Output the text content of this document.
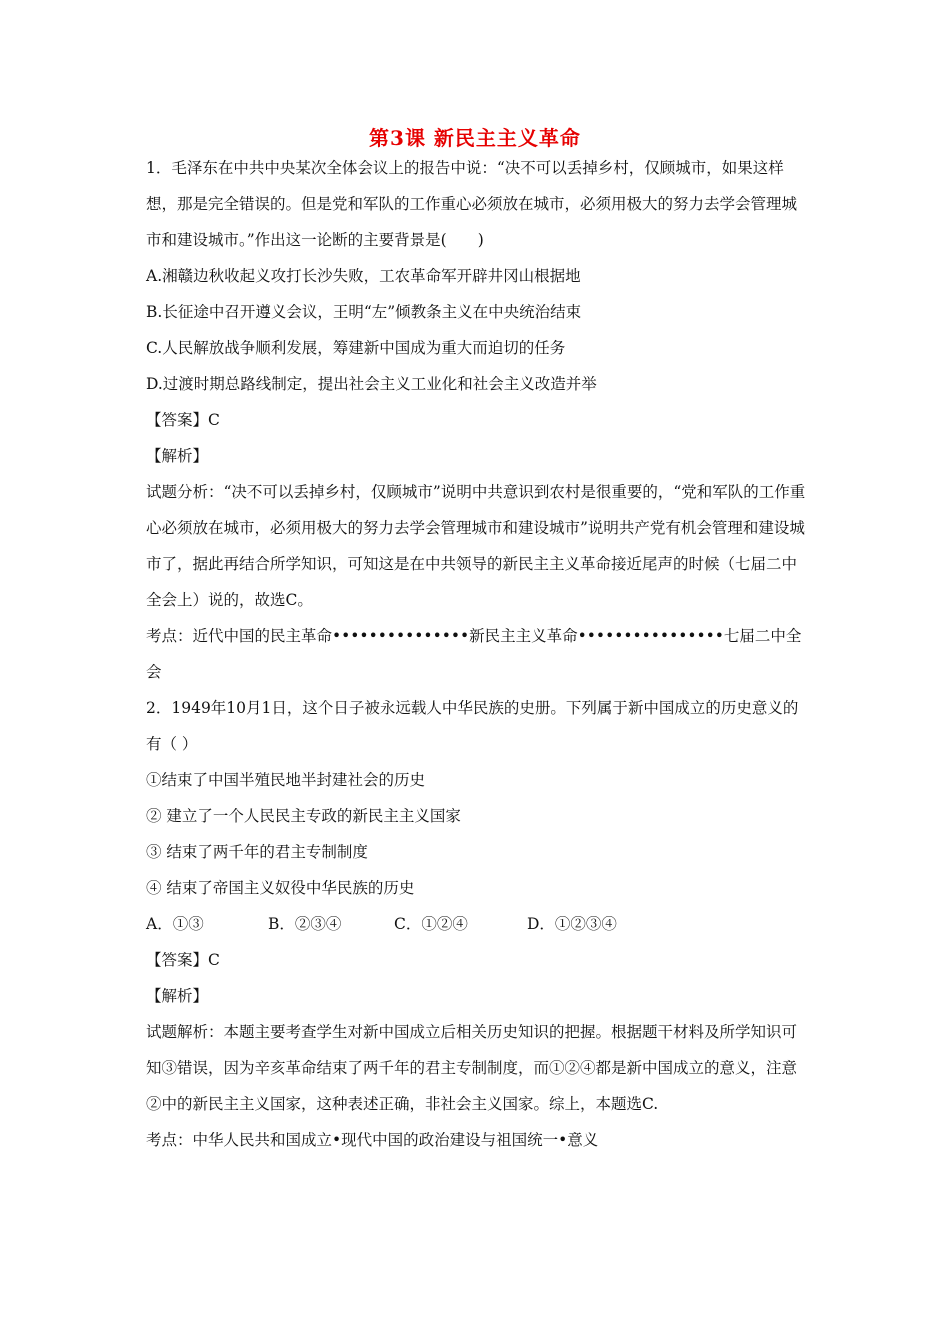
第3课 新民主主义革命

1．毛泽东在中共中央某次全体会议上的报告中说：“决不可以丢掉乡村，仅顾城市，如果这样想，那是完全错误的。但是党和军队的工作重心必须放在城市，必须用极大的努力去学会管理城市和建设城市。”作出这一论断的主要背景是(　　)

A.湘赣边秋收起义攻打长沙失败，工农革命军开辟井冈山根据地

B.长征途中召开遵义会议，王明“左”倾教条主义在中央统治结束

C.人民解放战争顺利发展，筹建新中国成为重大而迫切的任务

D.过渡时期总路线制定，提出社会主义工业化和社会主义改造并举

【答案】C

【解析】

试题分析：“决不可以丢掉乡村，仅顾城市”说明中共意识到农村是很重要的，“党和军队的工作重心必须放在城市，必须用极大的努力去学会管理城市和建设城市”说明共产党有机会管理和建设城市了，据此再结合所学知识，可知这是在中共领导的新民主主义革命接近尾声的时候（七届二中全会上）说的，故选C。

考点：近代中国的民主革命•••••••••••••••新民主主义革命••••••••••••••••七届二中全会

2．1949年10月1日，这个日子被永远载人中华民族的史册。下列属于新中国成立的历史意义的有（ ）

①结束了中国半殖民地半封建社会的历史

② 建立了一个人民民主专政的新民主主义国家

③ 结束了两千年的君主专制制度

④ 结束了帝国主义奴役中华民族的历史

A．①③	B．②③④	C．①②④	D．①②③④

【答案】C

【解析】

试题解析：本题主要考查学生对新中国成立后相关历史知识的把握。根据题干材料及所学知识可知③错误，因为辛亥革命结束了两千年的君主专制制度，而①②④都是新中国成立的意义，注意②中的新民主主义国家，这种表述正确，非社会主义国家。综上，本题选C.

考点：中华人民共和国成立•现代中国的政治建设与祖国统一•意义
